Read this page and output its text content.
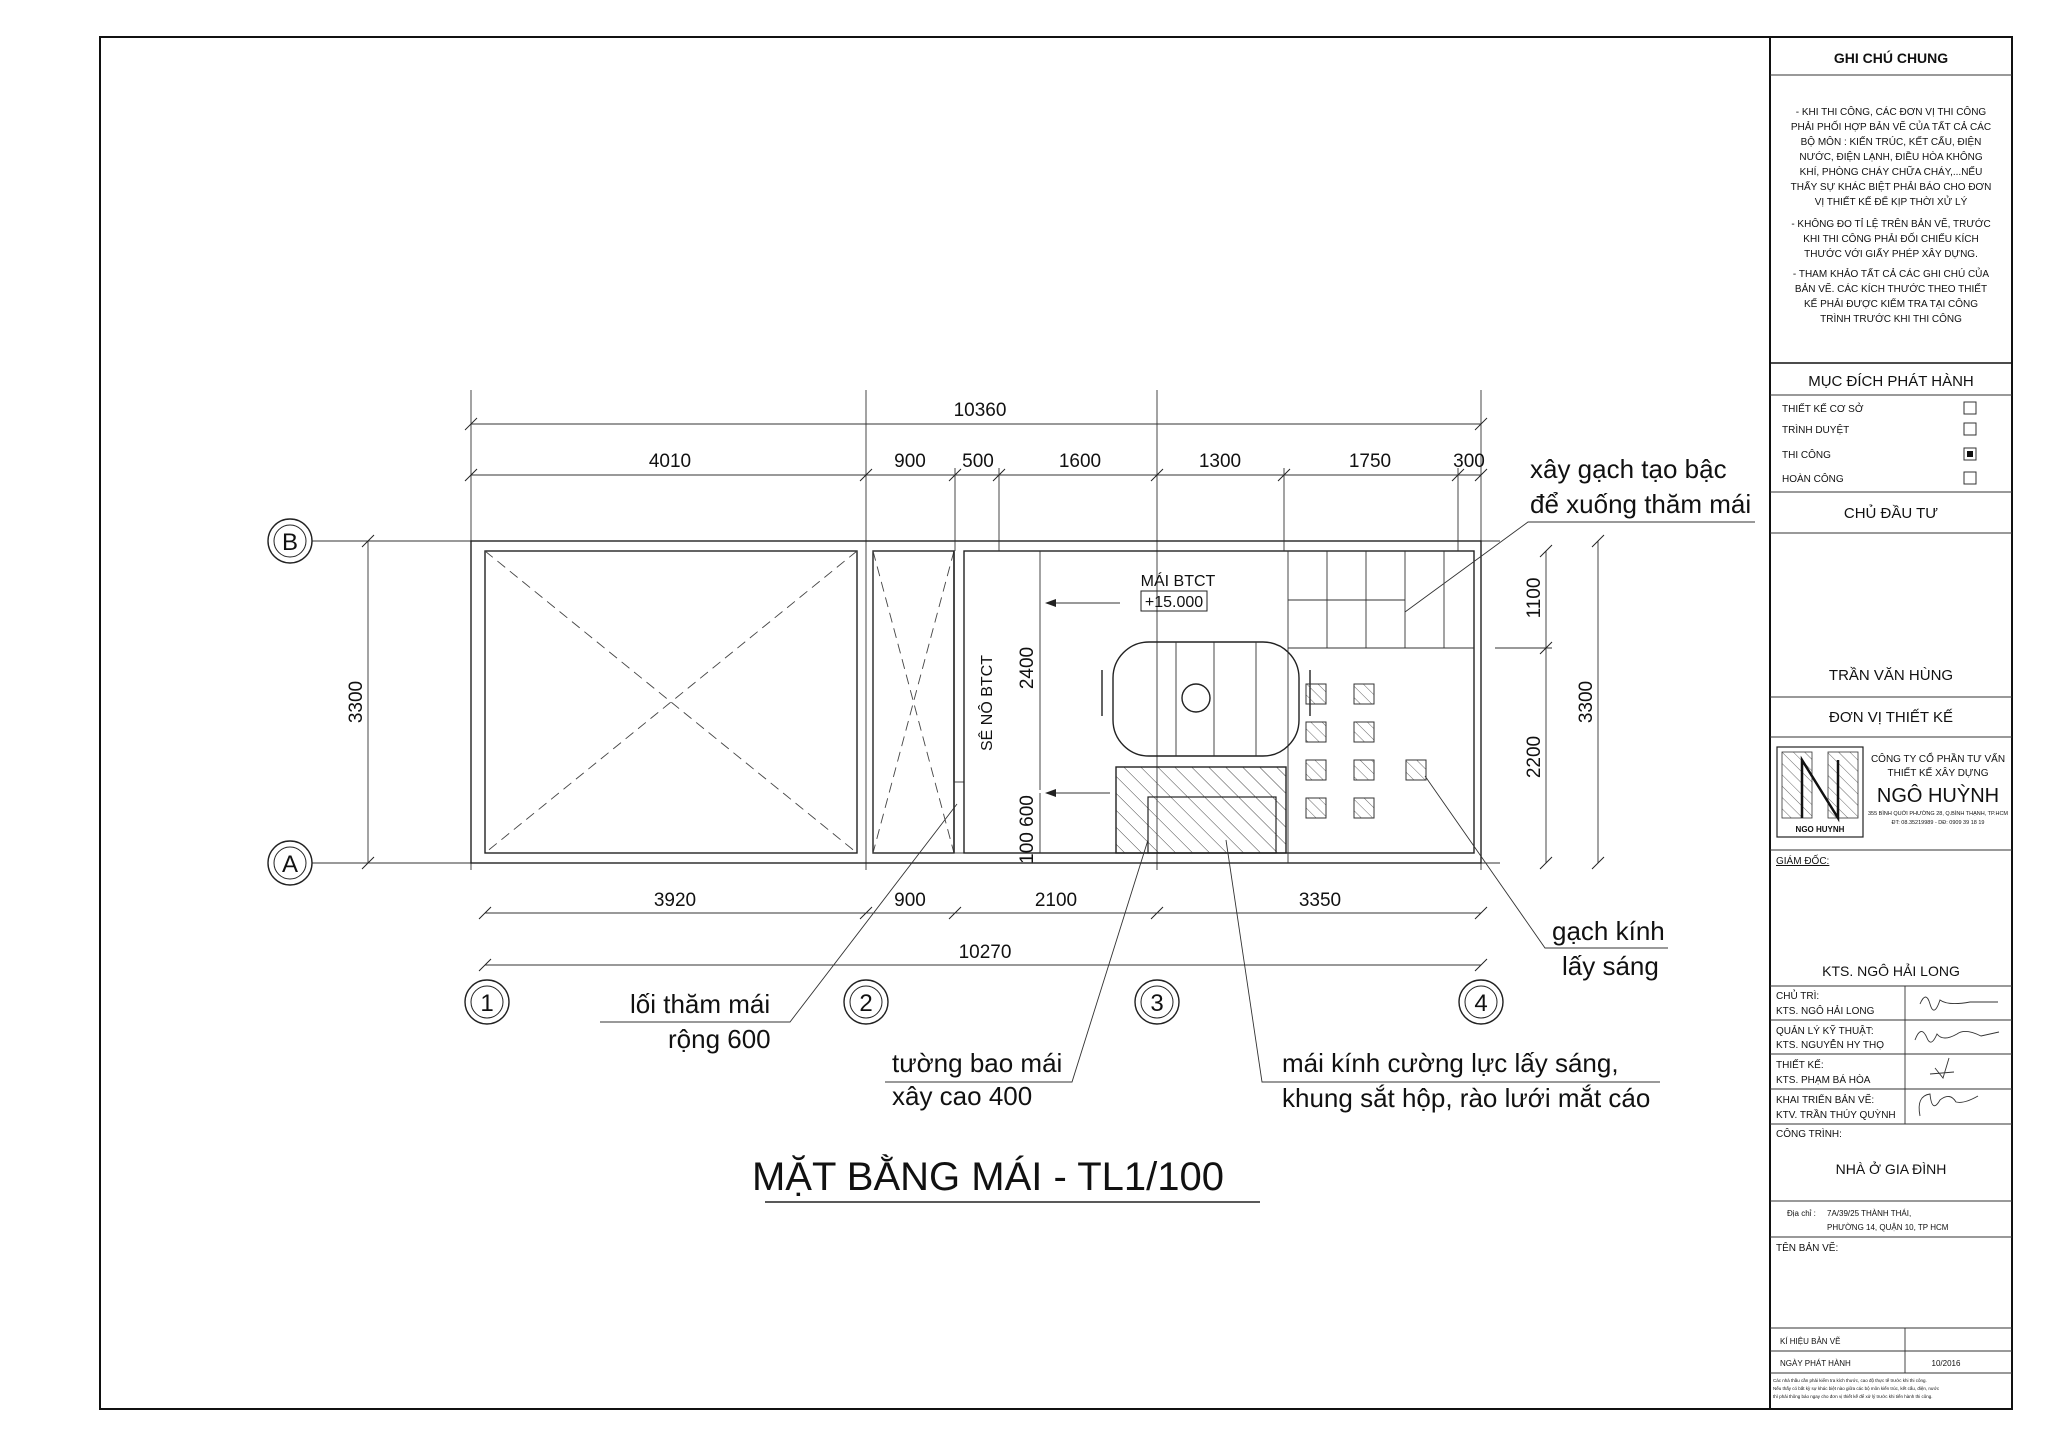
MÁI BTCT
+15.000
SÊ NÔ BTCT 2400
100
600
10360
4010	900 500	1600	1300	1750	300
3920	900	2100	3350
10270
3300
1100
2200
3300
B
A
1	2	3	4
xây gạch tạo bậc
để xuống thăm mái
gạch kính
lấy sáng
lối thăm mái
rộng 600
tường bao mái
xây cao 400
mái kính cường lực lấy sáng,
khung sắt hộp, rào lưới mắt cáo
MẶT BẰNG MÁI - TL1/100
GHI CHÚ CHUNG
- KHI THI CÔNG, CÁC ĐƠN VỊ THI CÔNG
PHẢI PHỐI HỢP BẢN VẼ CỦA TẤT CẢ CÁC
BỘ MÔN : KIẾN TRÚC, KẾT CẤU, ĐIỆN
NƯỚC, ĐIỆN LẠNH, ĐIỀU HÒA KHÔNG
KHÍ, PHÒNG CHÁY CHỮA CHÁY,...NẾU
THẤY SỰ KHÁC BIỆT PHẢI BÁO CHO ĐƠN
VỊ THIẾT KẾ ĐỂ KỊP THỜI XỬ LÝ
- KHÔNG ĐO TỈ LỆ TRÊN BẢN VẼ, TRƯỚC
KHI THI CÔNG PHẢI ĐỐI CHIẾU KÍCH
THƯỚC VỚI GIẤY PHÉP XÂY DỰNG.
- THAM KHẢO TẤT CẢ CÁC GHI CHÚ CỦA
BẢN VẼ. CÁC KÍCH THƯỚC THEO THIẾT
KẾ PHẢI ĐƯỢC KIỂM TRA TẠI CÔNG
TRÌNH TRƯỚC KHI THI CÔNG
MỤC ĐÍCH PHÁT HÀNH
THIẾT KẾ CƠ SỞ
TRÌNH DUYỆT
THI CÔNG
HOÀN CÔNG
CHỦ ĐẦU TƯ
TRẦN VĂN HÙNG
ĐƠN VỊ THIẾT KẾ
NGO HUYNH
CÔNG TY CỔ PHẦN TƯ VẤN
THIẾT KẾ XÂY DỰNG
NGÔ HUỲNH
355 BÌNH QUỚI PHƯỜNG 28, Q.BÌNH THẠNH, TP.HCM
ĐT: 08.35219989 - DĐ: 0909 39 18 19
GIÁM ĐỐC:
KTS. NGÔ HẢI LONG
CHỦ TRÌ:
KTS. NGÔ HẢI LONG
QUẢN LÝ KỸ THUẬT:
KTS. NGUYỄN HY THỌ
THIẾT KẾ:
KTS. PHẠM BÁ HÒA
KHAI TRIỂN BẢN VẼ:
KTV. TRẦN THÚY QUỲNH
CÔNG TRÌNH:
NHÀ Ở GIA ĐÌNH
Địa chỉ : 7A/39/25 THÀNH THÁI,
PHƯỜNG 14, QUẬN 10, TP HCM
TÊN BẢN VẼ:
KÍ HIỆU BẢN VẼ
NGÀY PHÁT HÀNH	10/2016
Các nhà thầu cần phải kiểm tra kích thước, cao độ thực tế trước khi thi công.
Nếu thấy có bất kỳ sự khác biệt nào giữa các bộ môn kiến trúc, kết cấu, điện, nước
thì phải thông báo ngay cho đơn vị thiết kế để xử lý trước khi tiến hành thi công.
